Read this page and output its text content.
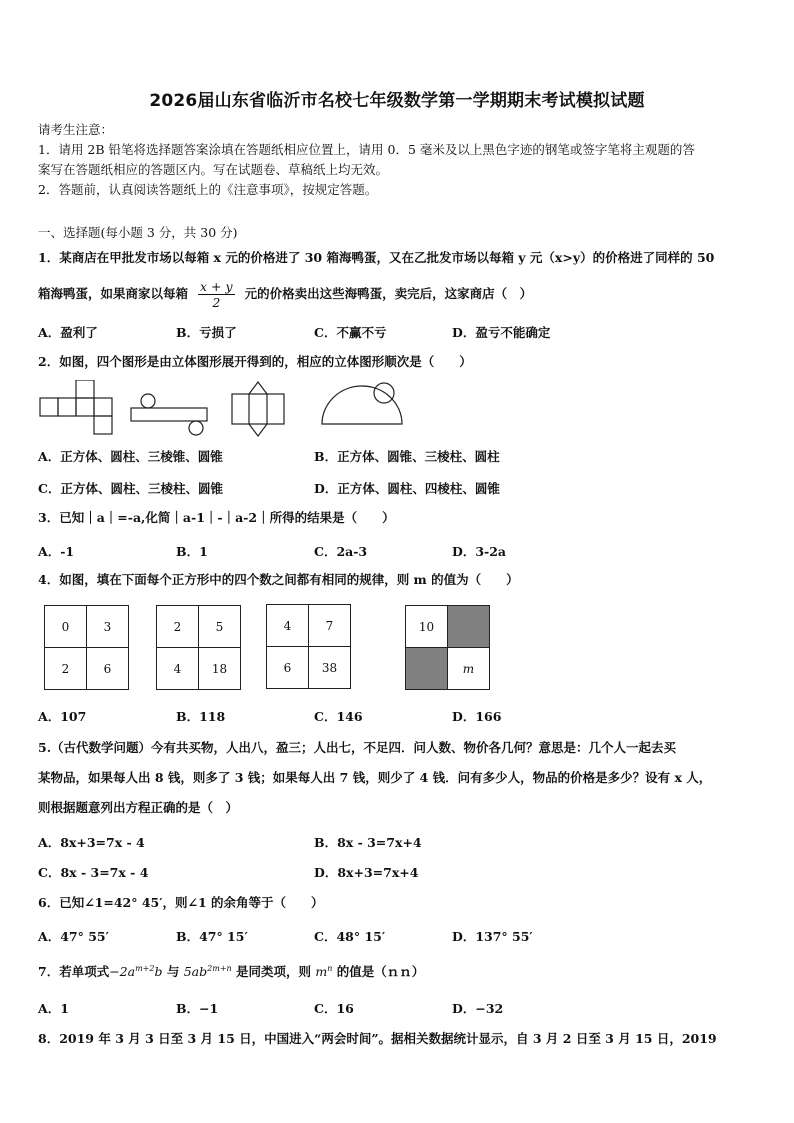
2026届山东省临沂市名校七年级数学第一学期期末考试模拟试题
请考生注意：
1．请用 2B 铅笔将选择题答案涂填在答题纸相应位置上，请用 0．5 毫米及以上黑色字迹的钢笔或签字笔将主观题的答
案写在答题纸相应的答题区内。写在试题卷、草稿纸上均无效。
2．答题前，认真阅读答题纸上的《注意事项》，按规定答题。
一、选择题(每小题 3 分，共 30 分)
1．某商店在甲批发市场以每箱 x 元的价格进了 30 箱海鸭蛋，又在乙批发市场以每箱 y 元（x>y）的价格进了同样的 50
箱海鸭蛋，如果商家以每箱 $\frac{x + y}{2}$ 元的价格卖出这些海鸭蛋，卖完后，这家商店（　）
A．盈利了	B．亏损了	C．不赢不亏	D．盈亏不能确定
2．如图，四个图形是由立体图形展开得到的，相应的立体图形顺次是（　　）
A．正方体、圆柱、三棱锥、圆锥	B．正方体、圆锥、三棱柱、圆柱
C．正方体、圆柱、三棱柱、圆锥	D．正方体、圆柱、四棱柱、圆锥
3．已知｜a｜=-a,化简｜a-1｜-｜a-2｜所得的结果是（　　）
A．-1	B．1	C．2a-3	D．3-2a
4．如图，填在下面每个正方形中的四个数之间都有相同的规律，则 m 的值为（　　）
0	3
2	6
2	5
4	18
4	7
6	38
10	
	m
A．107	B．118	C．146	D．166
5.（古代数学问题）今有共买物，人出八，盈三；人出七，不足四．问人数、物价各几何？意思是：几个人一起去买
某物品，如果每人出 8 钱，则多了 3 钱；如果每人出 7 钱，则少了 4 钱．问有多少人，物品的价格是多少？设有 x 人，
则根据题意列出方程正确的是（　）
A．8x+3=7x - 4	B．8x - 3=7x+4
C．8x - 3=7x - 4	D．8x+3=7x+4
6．已知∠1=42° 45′，则∠1 的余角等于（　　）
A．47° 55′	B．47° 15′	C．48° 15′	D．137° 55′
7．若单项式$-2a^{m+2}b$ 与 $5ab^{2m+n}$ 是同类项，则 $m^n$ 的值是（ｎｎ）
A．1	B．−1	C．16	D．−32
8．2019 年 3 月 3 日至 3 月 15 日，中国进入“两会时间”。据相关数据统计显示，自 3 月 2 日至 3 月 15 日，2019
